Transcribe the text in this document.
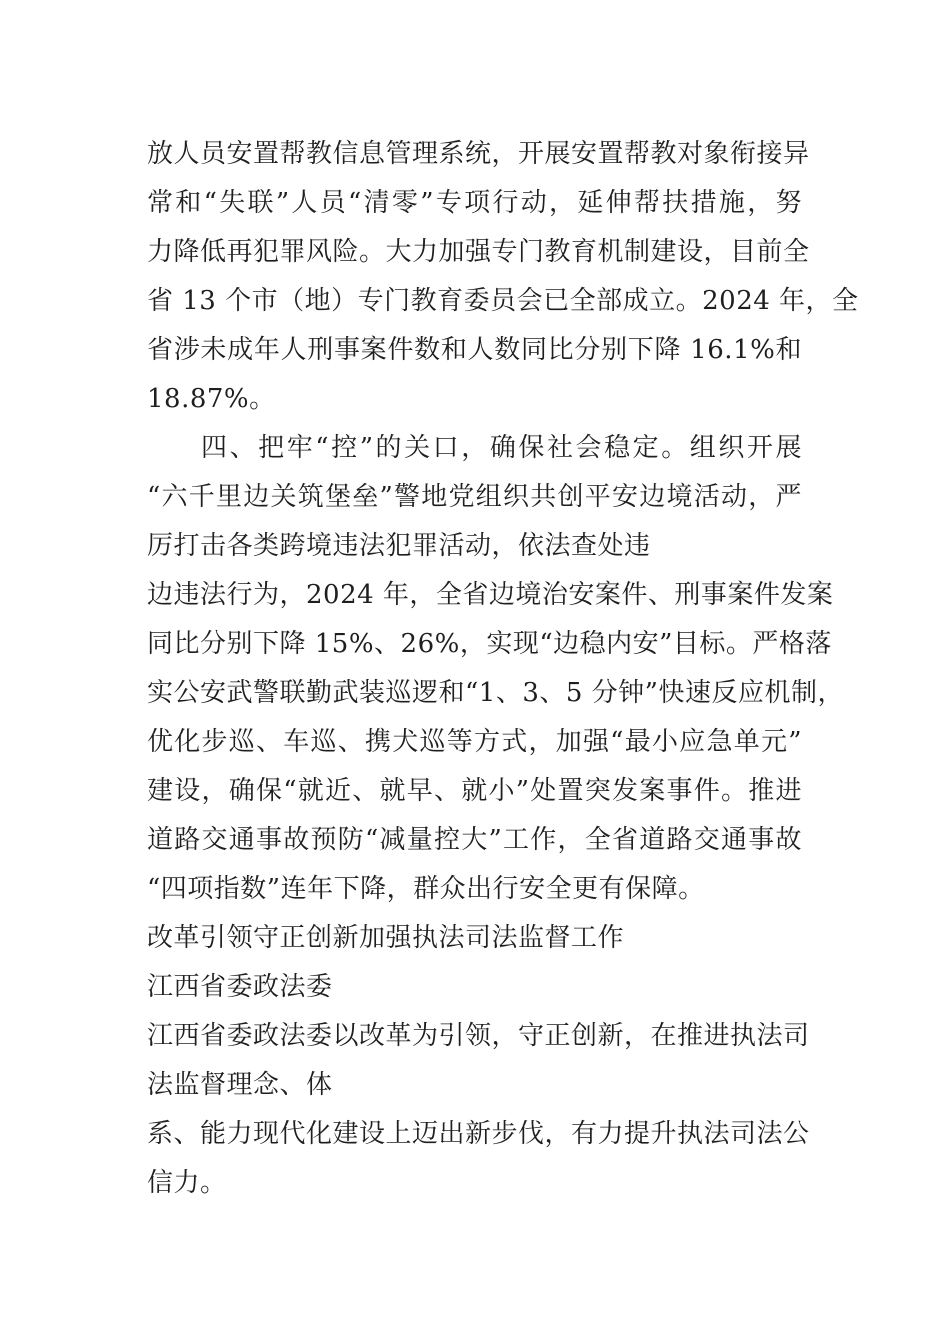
放人员安置帮教信息管理系统，开展安置帮教对象衔接异
常和“失联”人员“清零”专项行动，延伸帮扶措施，努
力降低再犯罪风险。大力加强专门教育机制建设，目前全
省 13 个市（地）专门教育委员会已全部成立。2024 年，全
省涉未成年人刑事案件数和人数同比分别下降 16.1%和
18.87%。
四、把牢“控”的关口，确保社会稳定。组织开展
“六千里边关筑堡垒”警地党组织共创平安边境活动，严
厉打击各类跨境违法犯罪活动，依法查处违
边违法行为，2024 年，全省边境治安案件、刑事案件发案
同比分别下降 15%、26%，实现“边稳内安”目标。严格落
实公安武警联勤武装巡逻和“1、3、5 分钟”快速反应机制，
优化步巡、车巡、携犬巡等方式，加强“最小应急单元”
建设，确保“就近、就早、就小”处置突发案事件。推进
道路交通事故预防“减量控大”工作，全省道路交通事故
“四项指数”连年下降，群众出行安全更有保障。
改革引领守正创新加强执法司法监督工作
江西省委政法委
江西省委政法委以改革为引领，守正创新，在推进执法司
法监督理念、体
系、能力现代化建设上迈出新步伐，有力提升执法司法公
信力。
